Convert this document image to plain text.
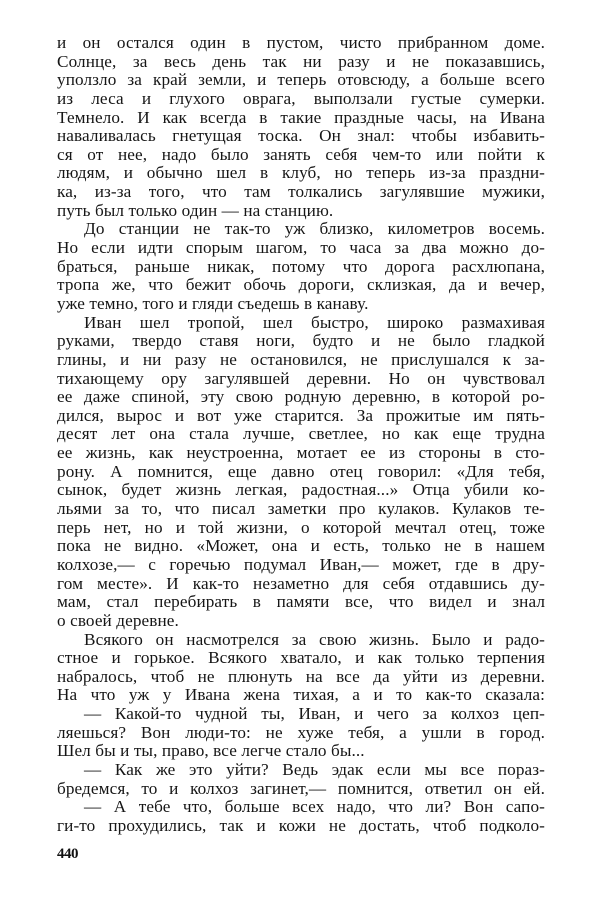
и он остался один в пустом, чисто прибранном доме.
Солнце, за весь день так ни разу и не показавшись,
уползло за край земли, и теперь отовсюду, а больше всего
из леса и глухого оврага, выползали густые сумерки.
Темнело. И как всегда в такие праздные часы, на Ивана
наваливалась гнетущая тоска. Он знал: чтобы избавить-
ся от нее, надо было занять себя чем-то или пойти к
людям, и обычно шел в клуб, но теперь из-за праздни-
ка, из-за того, что там толкались загулявшие мужики,
путь был только один — на станцию.
До станции не так-то уж близко, километров восемь.
Но если идти спорым шагом, то часа за два можно до-
браться, раньше никак, потому что дорога расхлюпана,
тропа же, что бежит обочь дороги, склизкая, да и вечер,
уже темно, того и гляди съедешь в канаву.
Иван шел тропой, шел быстро, широко размахивая
руками, твердо ставя ноги, будто и не было гладкой
глины, и ни разу не остановился, не прислушался к за-
тихающему ору загулявшей деревни. Но он чувствовал
ее даже спиной, эту свою родную деревню, в которой ро-
дился, вырос и вот уже старится. За прожитые им пять-
десят лет она стала лучше, светлее, но как еще трудна
ее жизнь, как неустроенна, мотает ее из стороны в сто-
рону. А помнится, еще давно отец говорил: «Для тебя,
сынок, будет жизнь легкая, радостная...» Отца убили ко-
льями за то, что писал заметки про кулаков. Кулаков те-
перь нет, но и той жизни, о которой мечтал отец, тоже
пока не видно. «Может, она и есть, только не в нашем
колхозе,— с горечью подумал Иван,— может, где в дру-
гом месте». И как-то незаметно для себя отдавшись ду-
мам, стал перебирать в памяти все, что видел и знал
о своей деревне.
Всякого он насмотрелся за свою жизнь. Было и радо-
стное и горькое. Всякого хватало, и как только терпения
набралось, чтоб не плюнуть на все да уйти из деревни.
На что уж у Ивана жена тихая, а и то как-то сказала:
— Какой-то чудной ты, Иван, и чего за колхоз цеп-
ляешься? Вон люди-то: не хуже тебя, а ушли в город.
Шел бы и ты, право, все легче стало бы...
— Как же это уйти? Ведь эдак если мы все пораз-
бредемся, то и колхоз загинет,— помнится, ответил он ей.
— А тебе что, больше всех надо, что ли? Вон сапо-
ги-то прохудились, так и кожи не достать, чтоб подколо-
440
